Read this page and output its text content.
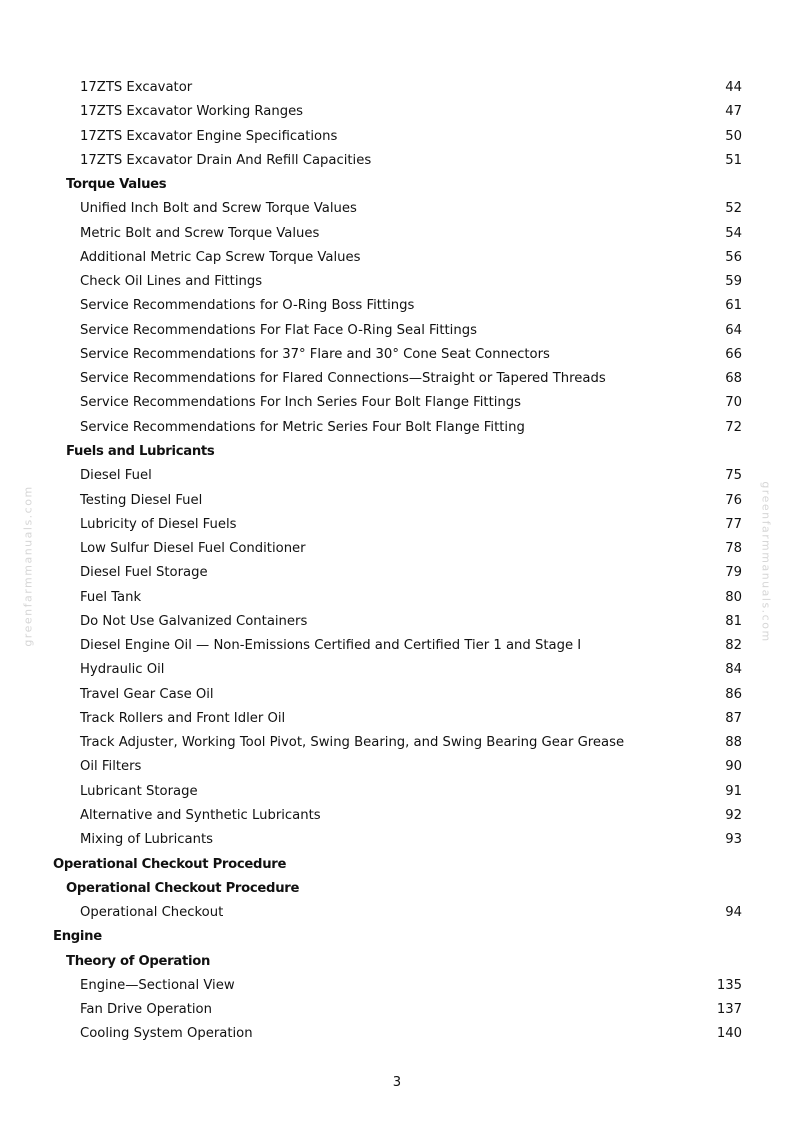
greenfarmmanuals.com	greenfarmmanuals.com
17ZTS Excavator	44
17ZTS Excavator Working Ranges	47
17ZTS Excavator Engine Specifications	50
17ZTS Excavator Drain And Refill Capacities	51
Torque Values
Unified Inch Bolt and Screw Torque Values	52
Metric Bolt and Screw Torque Values	54
Additional Metric Cap Screw Torque Values	56
Check Oil Lines and Fittings	59
Service Recommendations for O-Ring Boss Fittings	61
Service Recommendations For Flat Face O-Ring Seal Fittings	64
Service Recommendations for 37° Flare and 30° Cone Seat Connectors	66
Service Recommendations for Flared Connections—Straight or Tapered Threads	68
Service Recommendations For Inch Series Four Bolt Flange Fittings	70
Service Recommendations for Metric Series Four Bolt Flange Fitting	72
Fuels and Lubricants
Diesel Fuel	75
Testing Diesel Fuel	76
Lubricity of Diesel Fuels	77
Low Sulfur Diesel Fuel Conditioner	78
Diesel Fuel Storage	79
Fuel Tank	80
Do Not Use Galvanized Containers	81
Diesel Engine Oil — Non-Emissions Certified and Certified Tier 1 and Stage I	82
Hydraulic Oil	84
Travel Gear Case Oil	86
Track Rollers and Front Idler Oil	87
Track Adjuster, Working Tool Pivot, Swing Bearing, and Swing Bearing Gear Grease	88
Oil Filters	90
Lubricant Storage	91
Alternative and Synthetic Lubricants	92
Mixing of Lubricants	93
Operational Checkout Procedure
Operational Checkout Procedure
Operational Checkout	94
Engine
Theory of Operation
Engine—Sectional View	135
Fan Drive Operation	137
Cooling System Operation	140
3
